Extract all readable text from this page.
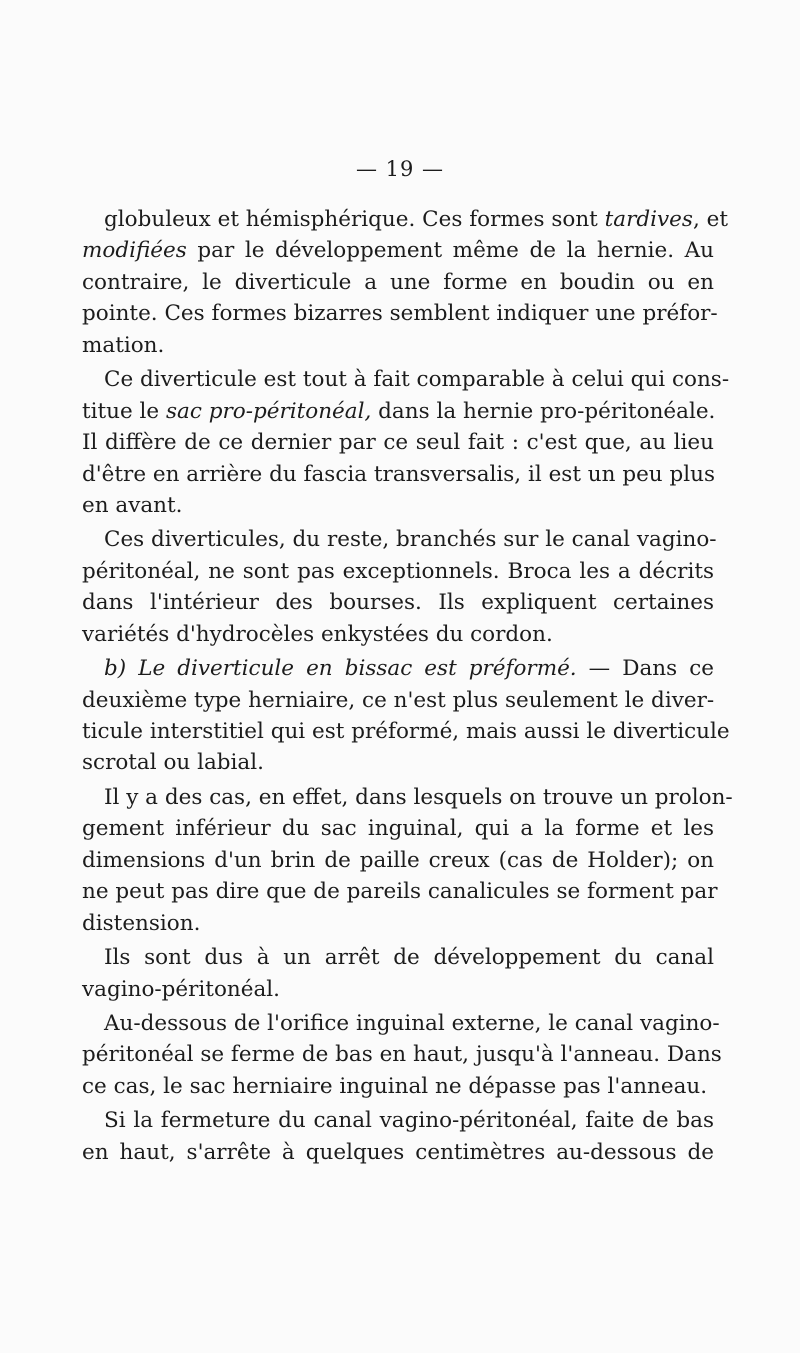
— 19 —
globuleux et hémisphérique. Ces formes sont tardives, et
modifiées par le développement même de la hernie. Au
contraire, le diverticule a une forme en boudin ou en
pointe. Ces formes bizarres semblent indiquer une préfor-
mation.
Ce diverticule est tout à fait comparable à celui qui cons-
titue le sac pro-péritonéal, dans la hernie pro-péritonéale.
Il diffère de ce dernier par ce seul fait : c'est que, au lieu
d'être en arrière du fascia transversalis, il est un peu plus
en avant.
Ces diverticules, du reste, branchés sur le canal vagino-
péritonéal, ne sont pas exceptionnels. Broca les a décrits
dans l'intérieur des bourses. Ils expliquent certaines
variétés d'hydrocèles enkystées du cordon.
b) Le diverticule en bissac est préformé. — Dans ce
deuxième type herniaire, ce n'est plus seulement le diver-
ticule interstitiel qui est préformé, mais aussi le diverticule
scrotal ou labial.
Il y a des cas, en effet, dans lesquels on trouve un prolon-
gement inférieur du sac inguinal, qui a la forme et les
dimensions d'un brin de paille creux (cas de Holder); on
ne peut pas dire que de pareils canalicules se forment par
distension.
Ils sont dus à un arrêt de développement du canal
vagino-péritonéal.
Au-dessous de l'orifice inguinal externe, le canal vagino-
péritonéal se ferme de bas en haut, jusqu'à l'anneau. Dans
ce cas, le sac herniaire inguinal ne dépasse pas l'anneau.
Si la fermeture du canal vagino-péritonéal, faite de bas
en haut, s'arrête à quelques centimètres au-dessous de
